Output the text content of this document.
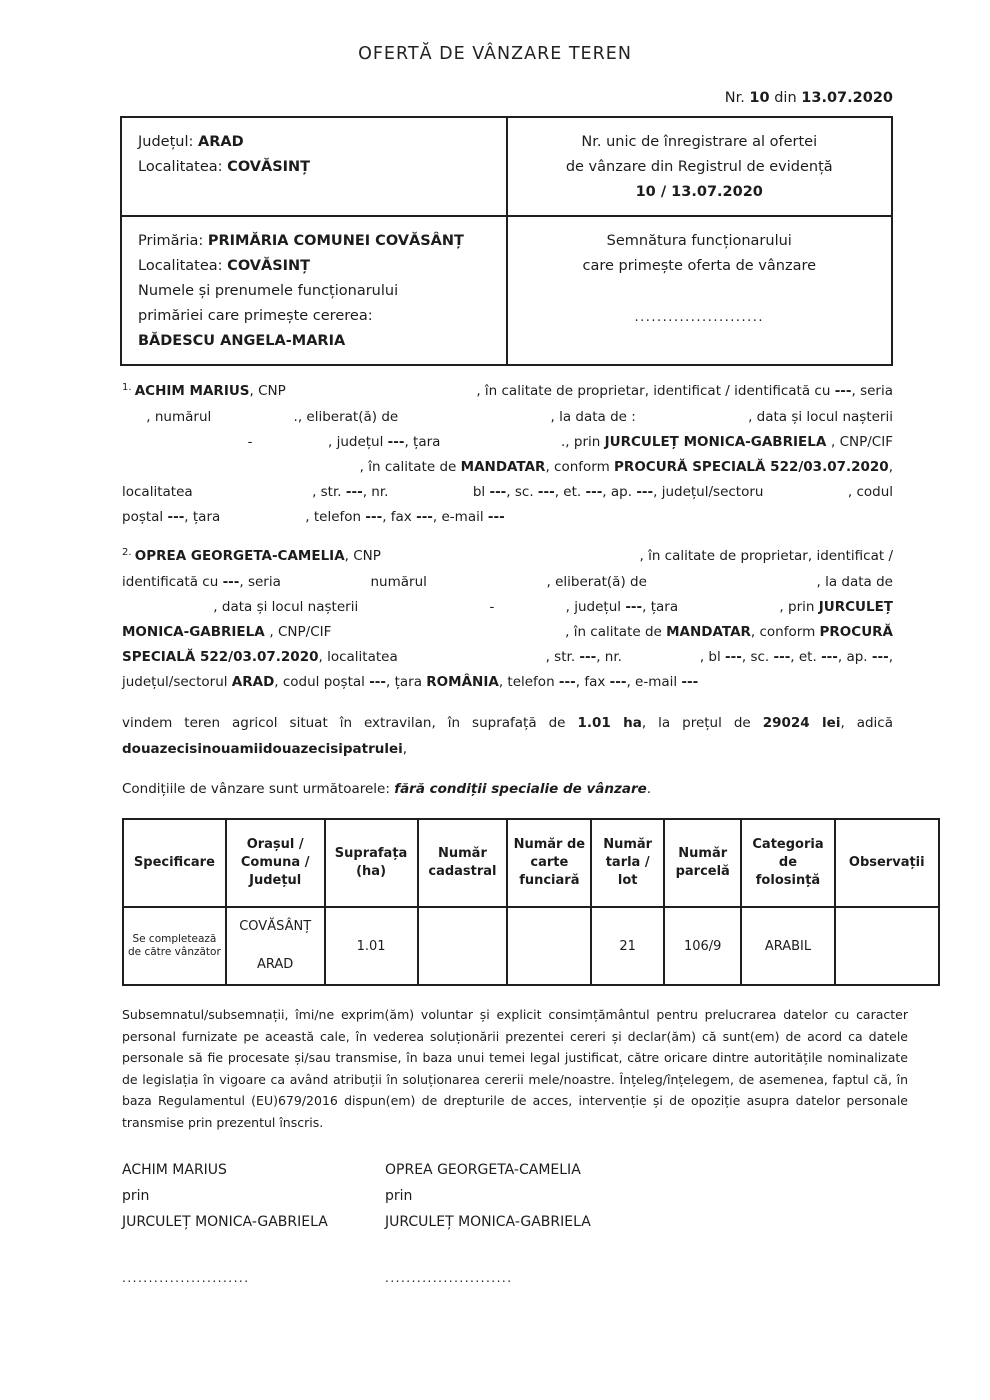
OFERTĂ DE VÂNZARE TEREN
Nr. 10 din 13.07.2020
Județul: ARAD
Localitatea: COVĂSINȚ

Nr. unic de înregistrare al ofertei
de vânzare din Registrul de evidență
10 / 13.07.2020

Primăria: PRIMĂRIA COMUNEI COVĂSÂNȚ
Localitatea: COVĂSINȚ
Numele și prenumele funcționarului
primăriei care primește cererea:
BĂDESCU ANGELA-MARIA

Semnătura funcționarului
care primește oferta de vânzare
.......................
1. ACHIM MARIUS , CNP	, în calitate de proprietar, identificat / identificată cu --- , seria
, numărul	., eliberat(ă) de	, la data de :	, data și locul nașterii
-	, județul --- , țara	., prin JURCULEȚ MONICA-GABRIELA , CNP/CIF
, în calitate de MANDATAR , conform PROCURĂ SPECIALĂ 522/03.07.2020 ,
localitatea	, str. --- , nr.	bl --- , sc. --- , et. --- , ap. --- , județul/sectoru	, codul
poștal ---, țara	, telefon ---, fax ---, e-mail ---
2. OPREA GEORGETA-CAMELIA , CNP	, în calitate de proprietar, identificat /
identificată cu --- , seria	numărul	, eliberat(ă) de	, la data de
, data și locul nașterii	-	, județul --- , țara	, prin JURCULEȚ
MONICA-GABRIELA , CNP/CIF	, în calitate de MANDATAR , conform PROCURĂ
SPECIALĂ 522/03.07.2020 , localitatea	, str. --- , nr.	, bl --- , sc. --- , et. --- , ap. --- ,
județul/sectorul ARAD, codul poștal ---, țara ROMÂNIA, telefon ---, fax ---, e-mail ---
vindem teren agricol situat în extravilan, în suprafață de 1.01 ha, la prețul de 29024 lei, adică
douazecisinouamiidouazecisipatrulei,
Condițiile de vânzare sunt următoarele: fără condiții specialie de vânzare.
Specificare	Orașul / Comuna / Județul	Suprafața (ha)	Număr cadastral	Număr de carte funciară	Număr tarla / lot	Număr parcelă	Categoria de folosință	Observații
Se completează de către vânzător	COVĂSÂNȚ
ARAD	1.01			21	106/9	ARABIL	
Subsemnatul/subsemnații, îmi/ne exprim(ăm) voluntar și explicit consimțământul pentru prelucrarea datelor cu caracter personal furnizate pe această cale, în vederea soluționării prezentei cereri și declar(ăm) că sunt(em) de acord ca datele personale să fie procesate și/sau transmise, în baza unui temei legal justificat, către oricare dintre autoritățile nominalizate de legislația în vigoare ca având atribuții în soluționarea cererii mele/noastre. Înțeleg/înțelegem, de asemenea, faptul că, în baza Regulamentul (EU)679/2016 dispun(em) de drepturile de acces, intervenție și de opoziție asupra datelor personale transmise prin prezentul înscris.
ACHIM MARIUS
prin
JURCULEȚ MONICA-GABRIELA
........................
OPREA GEORGETA-CAMELIA
prin
JURCULEȚ MONICA-GABRIELA
........................
